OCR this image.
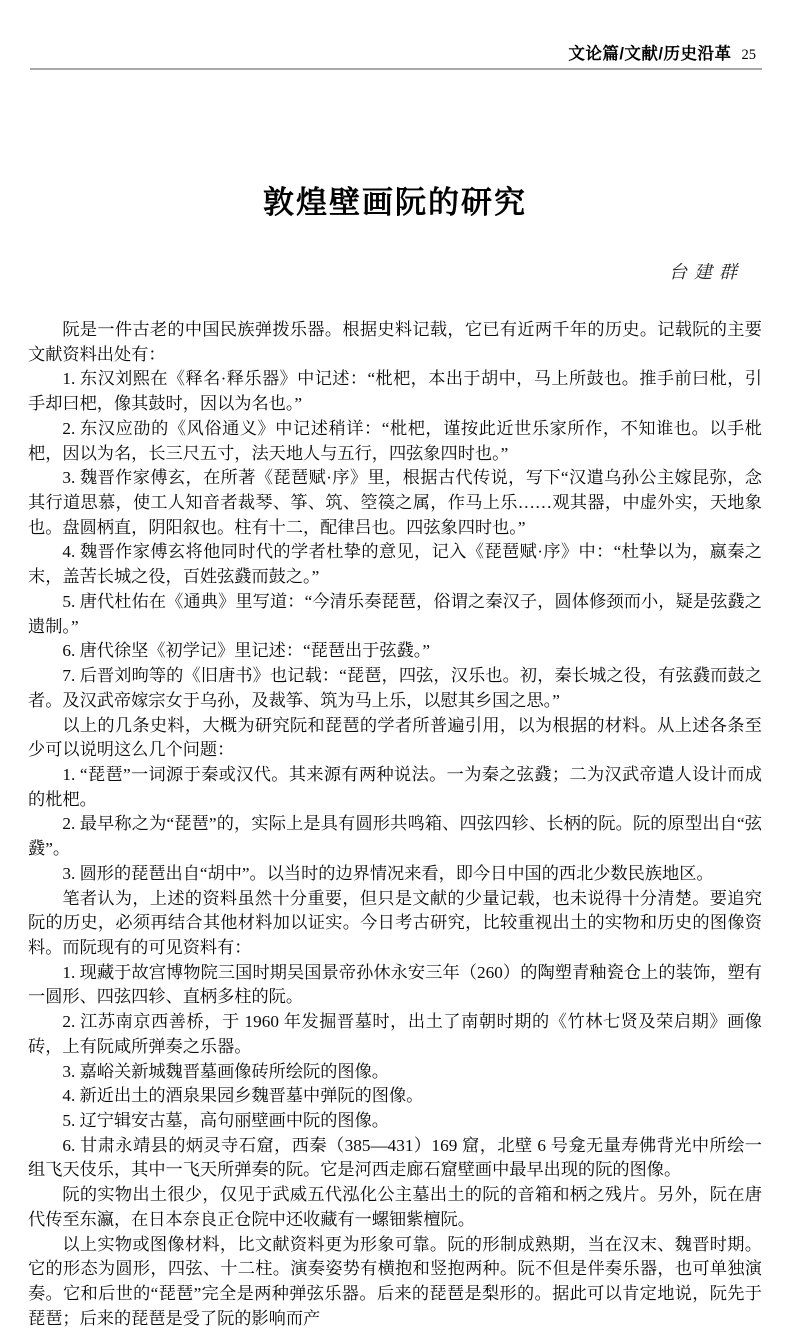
文论篇/文献/历史沿革 25
敦煌壁画阮的研究
台建群

阮是一件古老的中国民族弹拨乐器。根据史料记载，它已有近两千年的历史。记载阮的主要文献资料出处有：

1. 东汉刘熙在《释名·释乐器》中记述：“枇杷，本出于胡中，马上所鼓也。推手前曰枇，引手却曰杷，像其鼓时，因以为名也。”

2. 东汉应劭的《风俗通义》中记述稍详：“枇杷，谨按此近世乐家所作，不知谁也。以手枇杷，因以为名，长三尺五寸，法天地人与五行，四弦象四时也。”

3. 魏晋作家傅玄，在所著《琵琶赋·序》里，根据古代传说，写下“汉遣乌孙公主嫁昆弥，念其行道思慕，使工人知音者裁琴、筝、筑、箜篌之属，作马上乐……观其器，中虚外实，天地象也。盘圆柄直，阴阳叙也。柱有十二，配律吕也。四弦象四时也。”

4. 魏晋作家傅玄将他同时代的学者杜挚的意见，记入《琵琶赋·序》中：“杜挚以为，嬴秦之末，盖苦长城之役，百姓弦鼗而鼓之。”

5. 唐代杜佑在《通典》里写道：“今清乐奏琵琶，俗谓之秦汉子，圆体修颈而小，疑是弦鼗之遗制。”

6. 唐代徐坚《初学记》里记述：“琵琶出于弦鼗。”

7. 后晋刘昫等的《旧唐书》也记载：“琵琶，四弦，汉乐也。初，秦长城之役，有弦鼗而鼓之者。及汉武帝嫁宗女于乌孙，及裁筝、筑为马上乐，以慰其乡国之思。”

以上的几条史料，大概为研究阮和琵琶的学者所普遍引用，以为根据的材料。从上述各条至少可以说明这么几个问题：

1. “琵琶”一词源于秦或汉代。其来源有两种说法。一为秦之弦鼗；二为汉武帝遣人设计而成的枇杷。

2. 最早称之为“琵琶”的，实际上是具有圆形共鸣箱、四弦四轸、长柄的阮。阮的原型出自“弦鼗”。

3. 圆形的琵琶出自“胡中”。以当时的边界情况来看，即今日中国的西北少数民族地区。

笔者认为，上述的资料虽然十分重要，但只是文献的少量记载，也未说得十分清楚。要追究阮的历史，必须再结合其他材料加以证实。今日考古研究，比较重视出土的实物和历史的图像资料。而阮现有的可见资料有：

1. 现藏于故宫博物院三国时期吴国景帝孙休永安三年（260）的陶塑青釉瓷仓上的装饰，塑有一圆形、四弦四轸、直柄多柱的阮。

2. 江苏南京西善桥，于 1960 年发掘晋墓时，出土了南朝时期的《竹林七贤及荣启期》画像砖，上有阮咸所弹奏之乐器。

3. 嘉峪关新城魏晋墓画像砖所绘阮的图像。

4. 新近出土的酒泉果园乡魏晋墓中弹阮的图像。

5. 辽宁辑安古墓，高句丽壁画中阮的图像。

6. 甘肃永靖县的炳灵寺石窟，西秦（385—431）169 窟，北壁 6 号龛无量寿佛背光中所绘一组飞天伎乐，其中一飞天所弹奏的阮。它是河西走廊石窟壁画中最早出现的阮的图像。

阮的实物出土很少，仅见于武威五代泓化公主墓出土的阮的音箱和柄之残片。另外，阮在唐代传至东瀛，在日本奈良正仓院中还收藏有一螺钿紫檀阮。

以上实物或图像材料，比文献资料更为形象可靠。阮的形制成熟期，当在汉末、魏晋时期。它的形态为圆形，四弦、十二柱。演奏姿势有横抱和竖抱两种。阮不但是伴奏乐器，也可单独演奏。它和后世的“琵琶”完全是两种弹弦乐器。后来的琵琶是梨形的。据此可以肯定地说，阮先于琵琶；后来的琵琶是受了阮的影响而产
